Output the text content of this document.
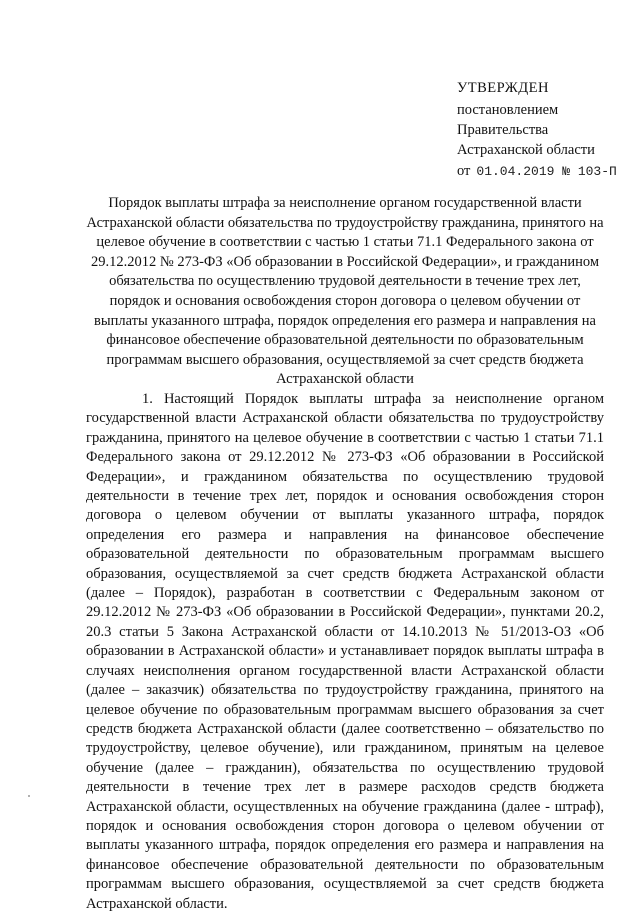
УТВЕРЖДЕН
постановлением
Правительства
Астраханской области
от 01.04.2019 № 103-П
Порядок выплаты штрафа за неисполнение органом государственной власти Астраханской области обязательства по трудоустройству гражданина, принятого на целевое обучение в соответствии с частью 1 статьи 71.1 Федерального закона от 29.12.2012 № 273-ФЗ «Об образовании в Российской Федерации», и гражданином обязательства по осуществлению трудовой деятельности в течение трех лет, порядок и основания освобождения сторон договора о целевом обучении от выплаты указанного штрафа, порядок определения его размера и направления на финансовое обеспечение образовательной деятельности по образовательным программам высшего образования, осуществляемой за счет средств бюджета Астраханской области

1. Настоящий Порядок выплаты штрафа за неисполнение органом государственной власти Астраханской области обязательства по трудоустройству гражданина, принятого на целевое обучение в соответствии с частью 1 статьи 71.1 Федерального закона от 29.12.2012 № 273-ФЗ «Об образовании в Российской Федерации», и гражданином обязательства по осуществлению трудовой деятельности в течение трех лет, порядок и основания освобождения сторон договора о целевом обучении от выплаты указанного штрафа, порядок определения его размера и направления на финансовое обеспечение образовательной деятельности по образовательным программам высшего образования, осуществляемой за счет средств бюджета Астраханской области (далее – Порядок), разработан в соответствии с Федеральным законом от 29.12.2012 № 273-ФЗ «Об образовании в Российской Федерации», пунктами 20.2, 20.3 статьи 5 Закона Астраханской области от 14.10.2013 № 51/2013-ОЗ «Об образовании в Астраханской области» и устанавливает порядок выплаты штрафа в случаях неисполнения органом государственной власти Астраханской области (далее – заказчик) обязательства по трудоустройству гражданина, принятого на целевое обучение по образовательным программам высшего образования за счет средств бюджета Астраханской области (далее соответственно – обязательство по трудоустройству, целевое обучение), или гражданином, принятым на целевое обучение (далее – гражданин), обязательства по осуществлению трудовой деятельности в течение трех лет в размере расходов средств бюджета Астраханской области, осуществленных на обучение гражданина (далее - штраф), порядок и основания освобождения сторон договора о целевом обучении от выплаты указанного штрафа, порядок определения его размера и направления на финансовое обеспечение образовательной деятельности по образовательным программам высшего образования, осуществляемой за счет средств бюджета Астраханской области.
